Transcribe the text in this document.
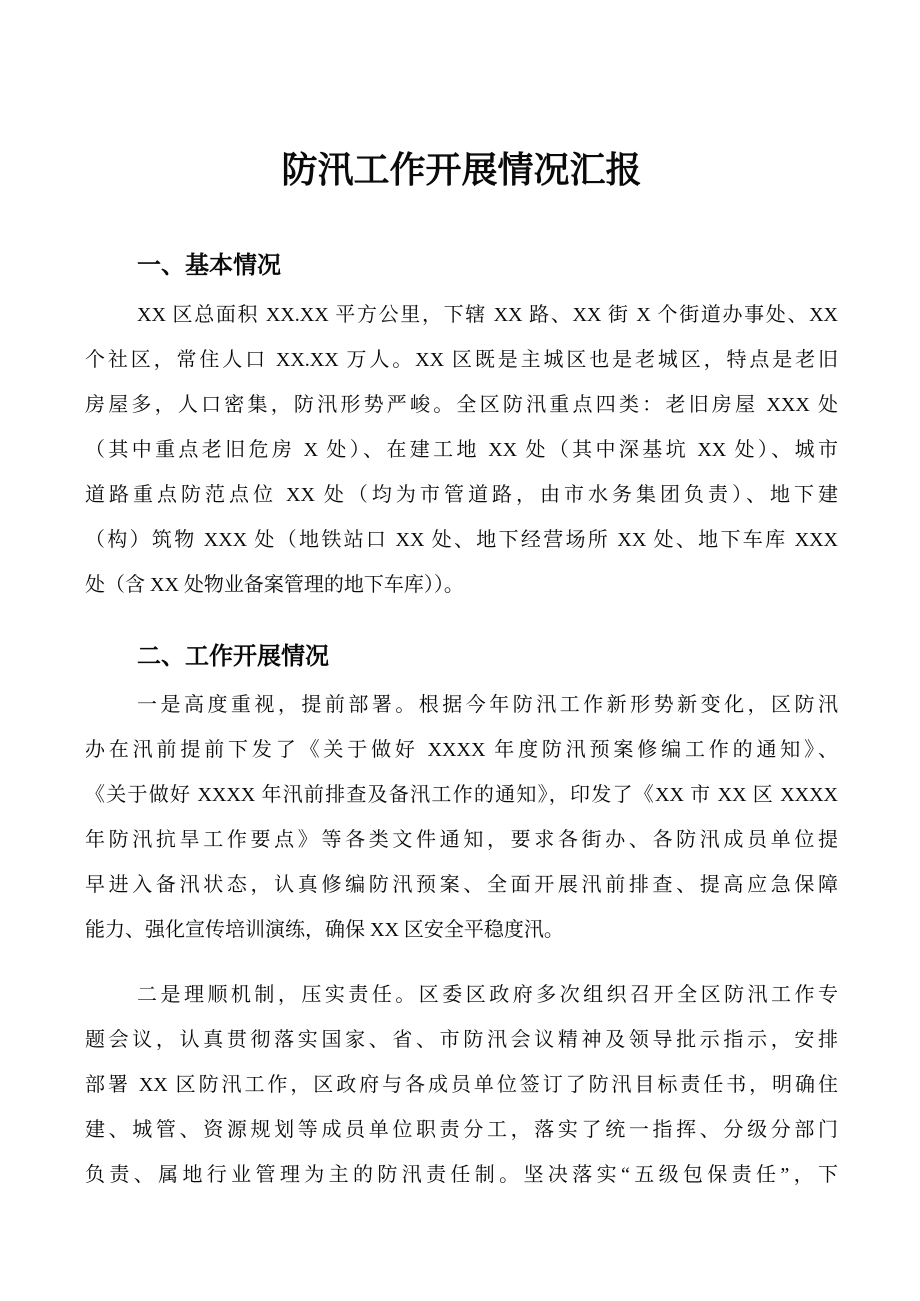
防汛工作开展情况汇报
一、基本情况
XX 区总面积 XX.XX 平方公里，下辖 XX 路、XX 街 X 个街道办事处、XX
个社区，常住人口 XX.XX 万人。XX 区既是主城区也是老城区，特点是老旧
房屋多，人口密集，防汛形势严峻。全区防汛重点四类：老旧房屋 XXX 处
（其中重点老旧危房 X 处）、在建工地 XX 处（其中深基坑 XX 处）、城市
道路重点防范点位 XX 处（均为市管道路，由市水务集团负责）、地下建
（构）筑物 XXX 处（地铁站口 XX 处、地下经营场所 XX 处、地下车库 XXX
处（含 XX 处物业备案管理的地下车库））。
二、工作开展情况
一是高度重视，提前部署。根据今年防汛工作新形势新变化，区防汛
办在汛前提前下发了《关于做好 XXXX 年度防汛预案修编工作的通知》、
《关于做好 XXXX 年汛前排查及备汛工作的通知》，印发了《XX 市 XX 区 XXXX
年防汛抗旱工作要点》等各类文件通知，要求各街办、各防汛成员单位提
早进入备汛状态，认真修编防汛预案、全面开展汛前排查、提高应急保障
能力、强化宣传培训演练，确保 XX 区安全平稳度汛。
二是理顺机制，压实责任。区委区政府多次组织召开全区防汛工作专
题会议，认真贯彻落实国家、省、市防汛会议精神及领导批示指示，安排
部署 XX 区防汛工作，区政府与各成员单位签订了防汛目标责任书，明确住
建、城管、资源规划等成员单位职责分工，落实了统一指挥、分级分部门
负责、属地行业管理为主的防汛责任制。坚决落实“五级包保责任”，下
